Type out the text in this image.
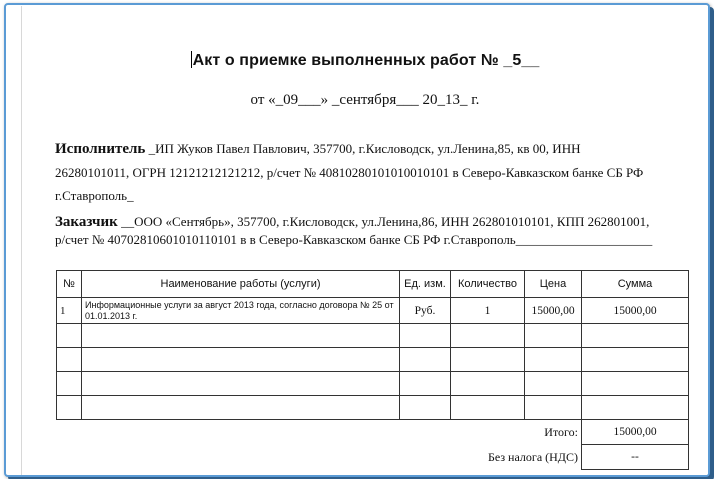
Акт о приемке выполненных работ № _5__
от «_09___» _сентября___ 20_13_ г.
Исполнитель _ИП Жуков Павел Павлович, 357700, г.Кисловодск, ул.Ленина,85, кв 00, ИНН
26280101011, ОГРН 12121212121212, р/счет № 40810280101010010101 в Северо-Кавказском банке СБ РФ
г.Ставрополь_
Заказчик __ООО «Сентябрь», 357700, г.Кисловодск, ул.Ленина,86, ИНН 262801010101, КПП 262801001,
р/счет № 40702810601010110101 в в Северо-Кавказском банке СБ РФ г.Ставрополь_____________________
№	Наименование работы (услуги)	Ед. изм.	Количество	Цена	Сумма
1	Информационные услуги за август 2013 года, согласно договора № 25 от 01.01.2013 г.	Руб.	1	15000,00	15000,00

	Итого:				15000,00
	Без налога (НДС)				--
